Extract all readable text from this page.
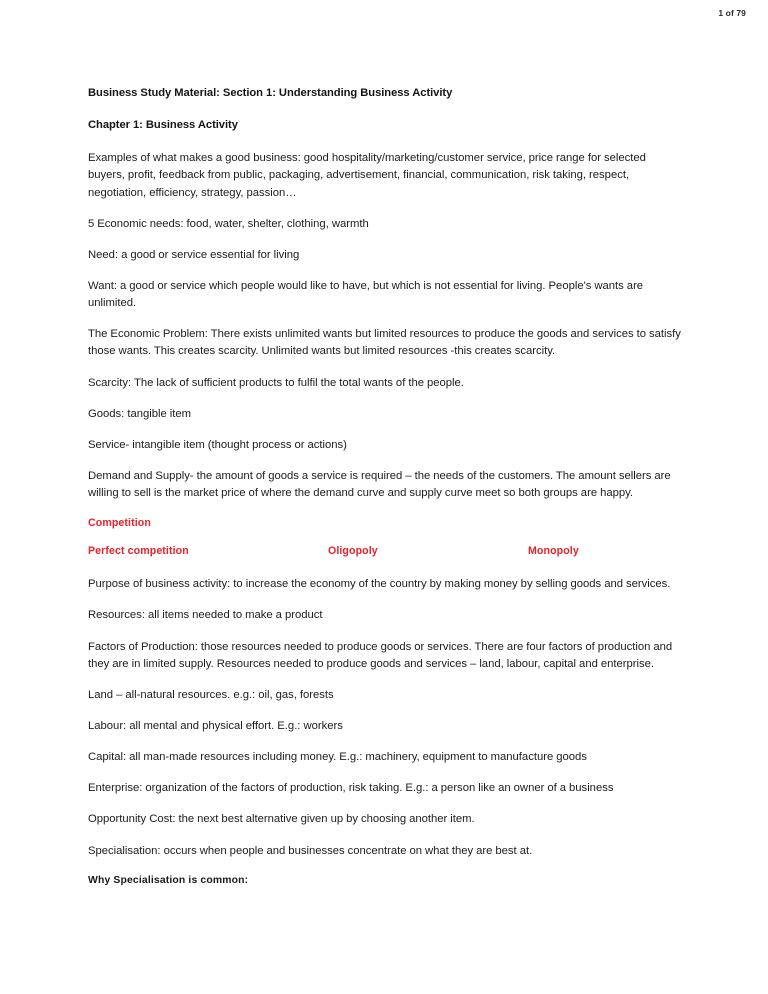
1 of 79

Business Study Material: Section 1: Understanding Business Activity

Chapter 1: Business Activity

Examples of what makes a good business: good hospitality/marketing/customer service, price range for selected buyers, profit, feedback from public, packaging, advertisement, financial, communication, risk taking, respect, negotiation, efficiency, strategy, passion…

5 Economic needs: food, water, shelter, clothing, warmth

Need: a good or service essential for living

Want: a good or service which people would like to have, but which is not essential for living. People's wants are unlimited.

The Economic Problem: There exists unlimited wants but limited resources to produce the goods and services to satisfy those wants. This creates scarcity. Unlimited wants but limited resources -this creates scarcity.

Scarcity: The lack of sufficient products to fulfil the total wants of the people.

Goods: tangible item

Service- intangible item (thought process or actions)

Demand and Supply- the amount of goods a service is required – the needs of the customers. The amount sellers are willing to sell is the market price of where the demand curve and supply curve meet so both groups are happy.

Competition

Perfect competition	Oligopoly	Monopoly

Purpose of business activity: to increase the economy of the country by making money by selling goods and services.

Resources: all items needed to make a product

Factors of Production: those resources needed to produce goods or services. There are four factors of production and they are in limited supply. Resources needed to produce goods and services – land, labour, capital and enterprise.

Land – all-natural resources. e.g.: oil, gas, forests

Labour: all mental and physical effort. E.g.: workers

Capital: all man-made resources including money. E.g.: machinery, equipment to manufacture goods

Enterprise: organization of the factors of production, risk taking. E.g.: a person like an owner of a business

Opportunity Cost: the next best alternative given up by choosing another item.

Specialisation: occurs when people and businesses concentrate on what they are best at.

Why Specialisation is common:
